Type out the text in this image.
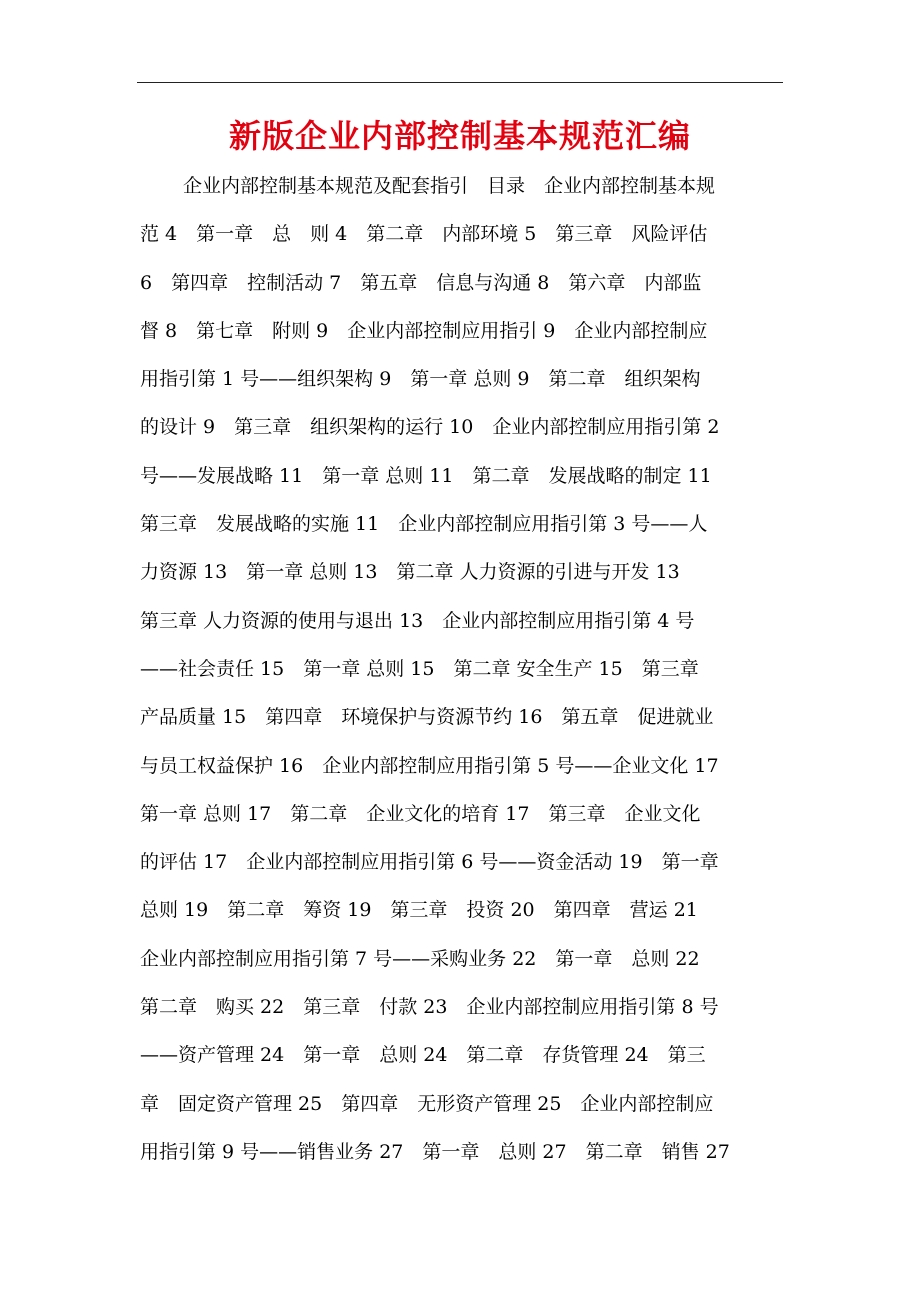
新版企业内部控制基本规范汇编
企业内部控制基本规范及配套指引　目录　企业内部控制基本规
范 4　第一章　总　则 4　第二章　内部环境 5　第三章　风险评估
6　第四章　控制活动 7　第五章　信息与沟通 8　第六章　内部监
督 8　第七章　附则 9　企业内部控制应用指引 9　企业内部控制应
用指引第 1 号——组织架构 9　第一章 总则 9　第二章　组织架构
的设计 9　第三章　组织架构的运行 10　企业内部控制应用指引第 2
号——发展战略 11　第一章 总则 11　第二章　发展战略的制定 11
第三章　发展战略的实施 11　企业内部控制应用指引第 3 号——人
力资源 13　第一章 总则 13　第二章 人力资源的引进与开发 13
第三章 人力资源的使用与退出 13　企业内部控制应用指引第 4 号
——社会责任 15　第一章 总则 15　第二章 安全生产 15　第三章
产品质量 15　第四章　环境保护与资源节约 16　第五章　促进就业
与员工权益保护 16　企业内部控制应用指引第 5 号——企业文化 17
第一章 总则 17　第二章　企业文化的培育 17　第三章　企业文化
的评估 17　企业内部控制应用指引第 6 号——资金活动 19　第一章
总则 19　第二章　筹资 19　第三章　投资 20　第四章　营运 21
企业内部控制应用指引第 7 号——采购业务 22　第一章　总则 22
第二章　购买 22　第三章　付款 23　企业内部控制应用指引第 8 号
——资产管理 24　第一章　总则 24　第二章　存货管理 24　第三
章　固定资产管理 25　第四章　无形资产管理 25　企业内部控制应
用指引第 9 号——销售业务 27　第一章　总则 27　第二章　销售 27
